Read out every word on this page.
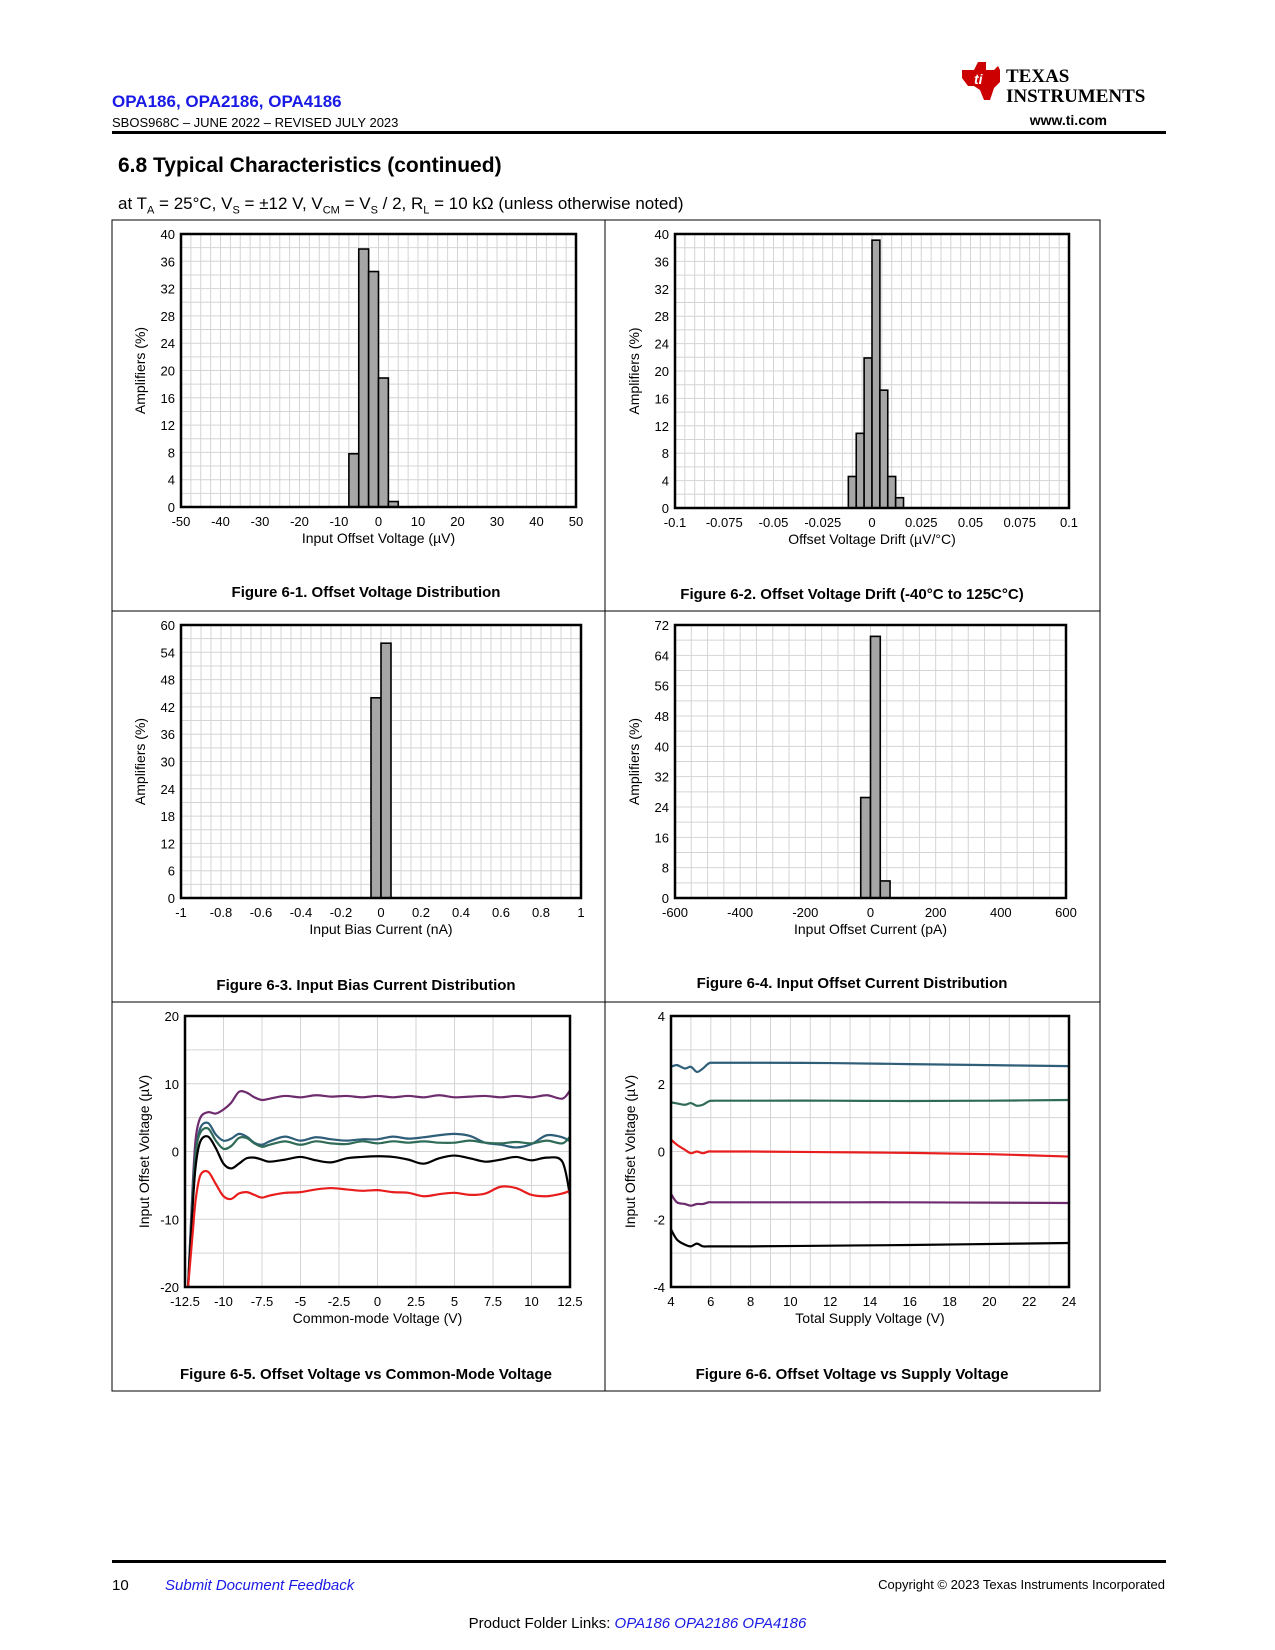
OPA186, OPA2186, OPA4186
SBOS968C – JUNE 2022 – REVISED JULY 2023
ti TEXAS
INSTRUMENTS
www.ti.com
6.8 Typical Characteristics (continued)
at $T_A = 25^\circ C$, $V_S = \pm 12$ V, $V_{CM} = V_S / 2$, $R_L = 10$ kΩ (unless otherwise noted)
-50 -40 -30 -20 -10 0 10 20 30 40 50
0
4
8
12
16
20
24
28
32
36
40
Input Offset Voltage (µV)
Amplifiers (%)
-0.1 -0.075 -0.05 -0.025 0 0.025 0.05 0.075 0.1
0
4
8
12
16
20
24
28
32
36
40
Offset Voltage Drift (µV/°C)
Amplifiers (%)
-1 -0.8 -0.6 -0.4 -0.2 0 0.2 0.4 0.6 0.8 1
0
6
12
18
24
30
36
42
48
54
60
Input Bias Current (nA)
Amplifiers (%)
-600	-400	-200	0	200	400	600
0
8
16
24
32
40
48
56
64
72
Input Offset Current (pA)
Amplifiers (%)
-12.5 -10 -7.5 -5 -2.5 0 2.5 5 7.5 10 12.5
-20
-10
0
10
20
Common-mode Voltage (V)
Input Offset Voltage (µV)
4	6	8 10 12 14 16 18 20 22 24
-4
-2
0
2
4
Total Supply Voltage (V)
Input Offset Voltage (µV)
Figure 6-1. Offset Voltage Distribution	Figure 6-2. Offset Voltage Drift (-40°C to 125C°C)
Figure 6-3. Input Bias Current Distribution	Figure 6-4. Input Offset Current Distribution
Figure 6-5. Offset Voltage vs Common-Mode Voltage	Figure 6-6. Offset Voltage vs Supply Voltage
10 Submit Document Feedback	Copyright © 2023 Texas Instruments Incorporated
Product Folder Links: OPA186 OPA2186 OPA4186
